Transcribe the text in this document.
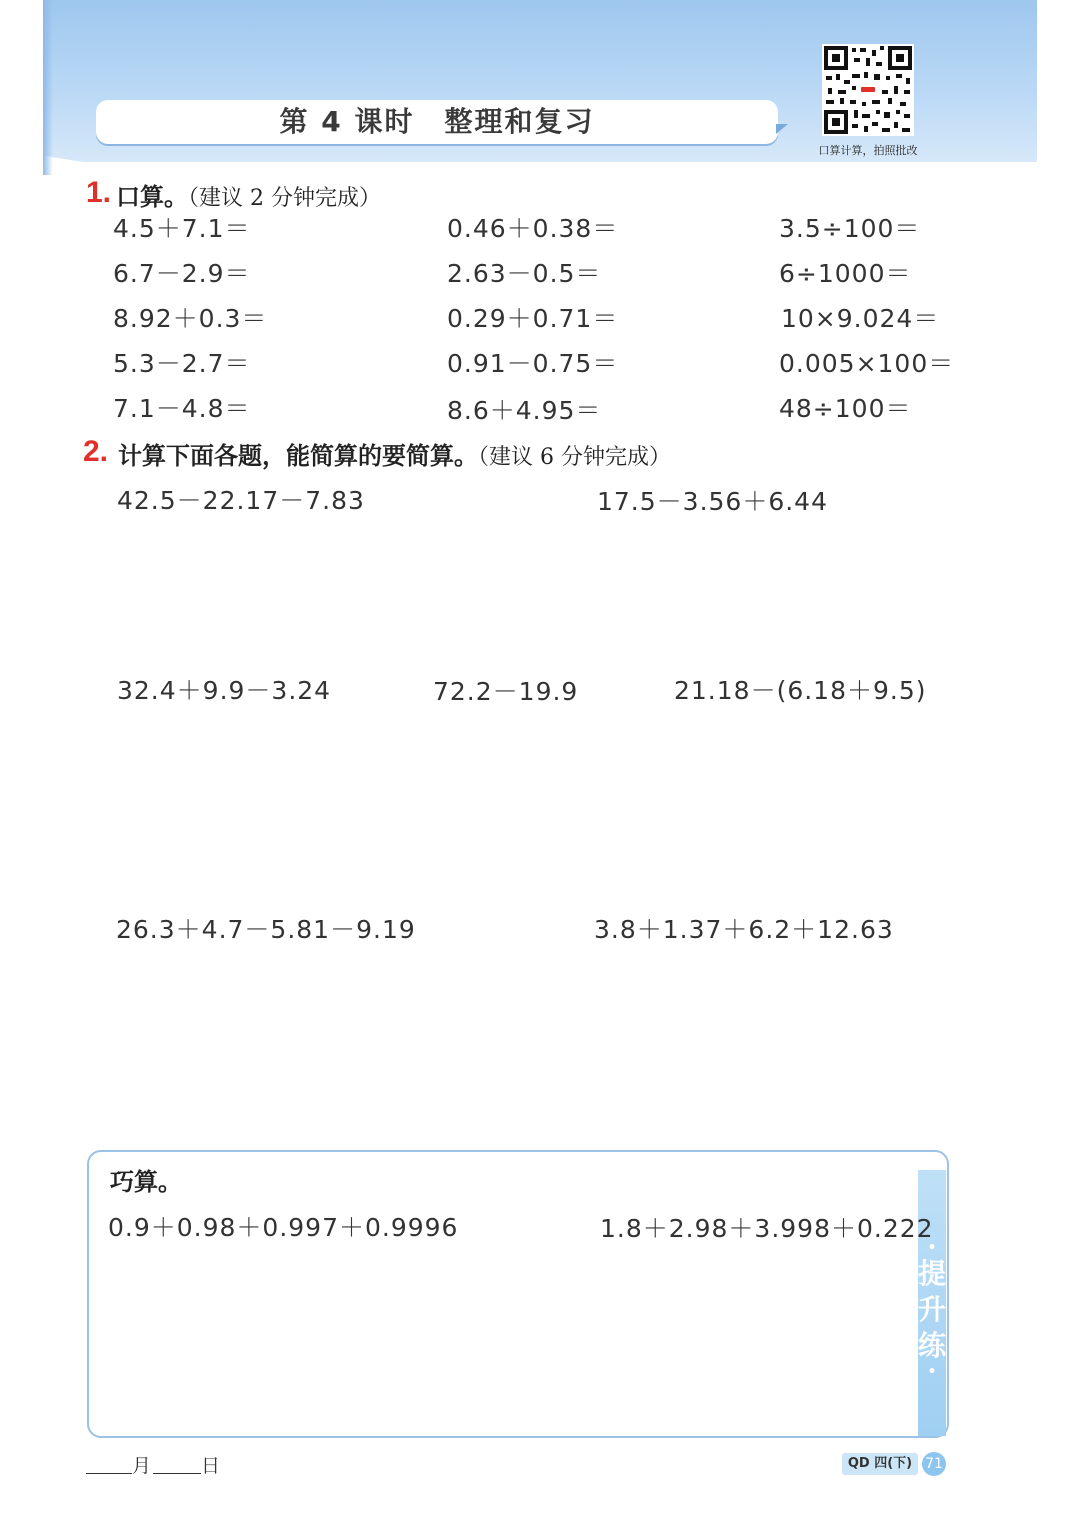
第 4 课时　整理和复习
口算计算，拍照批改
1. 口算。（建议 2 分钟完成）
4.5＋7.1＝	0.46＋0.38＝	3.5÷100＝
6.7－2.9＝	2.63－0.5＝	6÷1000＝
8.92＋0.3＝	0.29＋0.71＝	10×9.024＝
5.3－2.7＝	0.91－0.75＝	0.005×100＝
7.1－4.8＝	8.6＋4.95＝	48÷100＝
2. 计算下面各题，能简算的要简算。（建议 6 分钟完成）
42.5－22.17－7.83	17.5－3.56＋6.44
32.4＋9.9－3.24	72.2－19.9	21.18－(6.18＋9.5)
26.3＋4.7－5.81－9.19	3.8＋1.37＋6.2＋12.63
•
提
升
练
•
巧算。
0.9＋0.98＋0.997＋0.9996	1.8＋2.98＋3.998＋0.222
月	日	QD 四(下) 71
